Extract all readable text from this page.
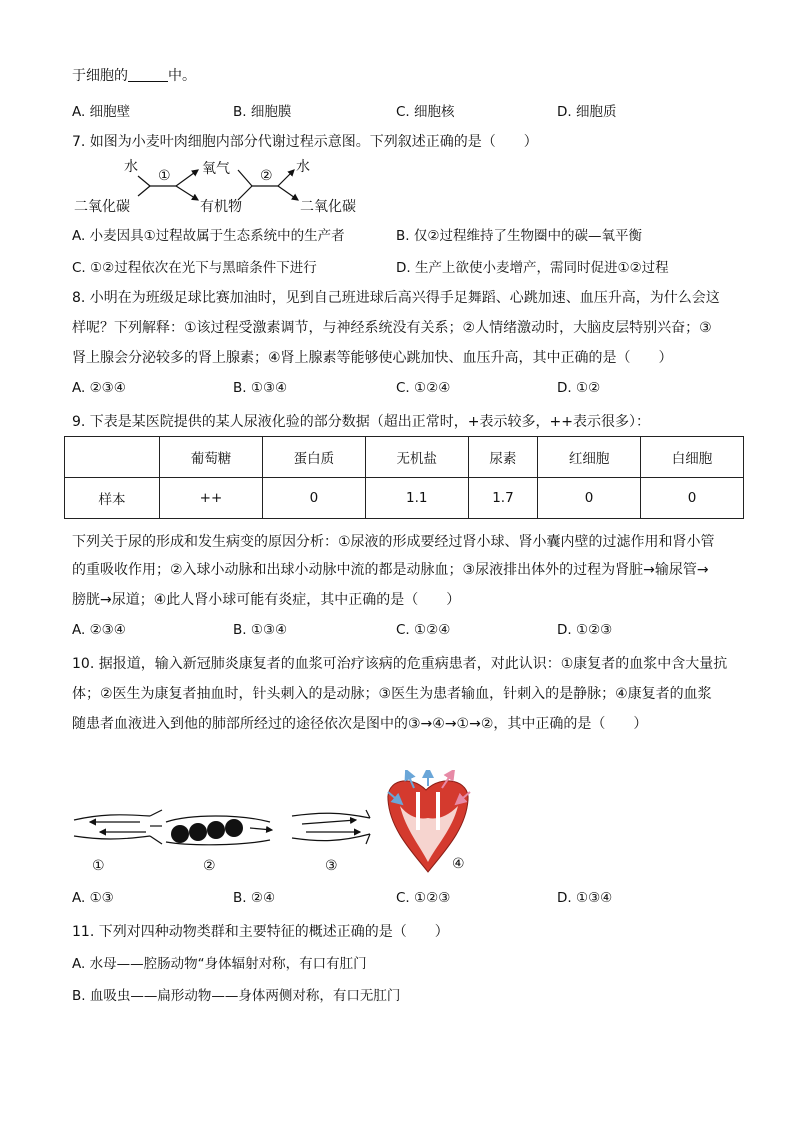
于细胞的	中。
A. 细胞壁	B. 细胞膜	C. 细胞核	D. 细胞质
7. 如图为小麦叶肉细胞内部分代谢过程示意图。下列叙述正确的是（　　）
水
二氧化碳
① 氧气
有机物
②
水
二氧化碳
A. 小麦因具①过程故属于生态系统中的生产者	B. 仅②过程维持了生物圈中的碳—氧平衡
C. ①②过程依次在光下与黑暗条件下进行	D. 生产上欲使小麦增产，需同时促进①②过程
8. 小明在为班级足球比赛加油时，见到自己班进球后高兴得手足舞蹈、心跳加速、血压升高，为什么会这
样呢？下列解释：①该过程受激素调节，与神经系统没有关系；②人情绪激动时，大脑皮层特别兴奋；③
肾上腺会分泌较多的肾上腺素；④肾上腺素等能够使心跳加快、血压升高，其中正确的是（　　）
A. ②③④	B. ①③④	C. ①②④	D. ①②
9. 下表是某医院提供的某人尿液化验的部分数据（超出正常时，+表示较多，++表示很多）：
	葡萄糖	蛋白质	无机盐	尿素	红细胞	白细胞
样本	++	0	1.1	1.7	0	0
下列关于尿的形成和发生病变的原因分析：①尿液的形成要经过肾小球、肾小囊内壁的过滤作用和肾小管
的重吸收作用；②入球小动脉和出球小动脉中流的都是动脉血；③尿液排出体外的过程为肾脏→输尿管→
膀胱→尿道；④此人肾小球可能有炎症，其中正确的是（　　）
A. ②③④	B. ①③④	C. ①②④	D. ①②③
10. 据报道，输入新冠肺炎康复者的血浆可治疗该病的危重病患者，对此认识：①康复者的血浆中含大量抗
体；②医生为康复者抽血时，针头刺入的是动脉；③医生为患者输血，针刺入的是静脉；④康复者的血浆
随患者血液进入到他的肺部所经过的途径依次是图中的③→④→①→②，其中正确的是（　　）
①	②	③	④
A. ①③	B. ②④	C. ①②③	D. ①③④
11. 下列对四种动物类群和主要特征的概述正确的是（　　）
A. 水母——腔肠动物“身体辐射对称，有口有肛门
B. 血吸虫——扁形动物——身体两侧对称，有口无肛门
